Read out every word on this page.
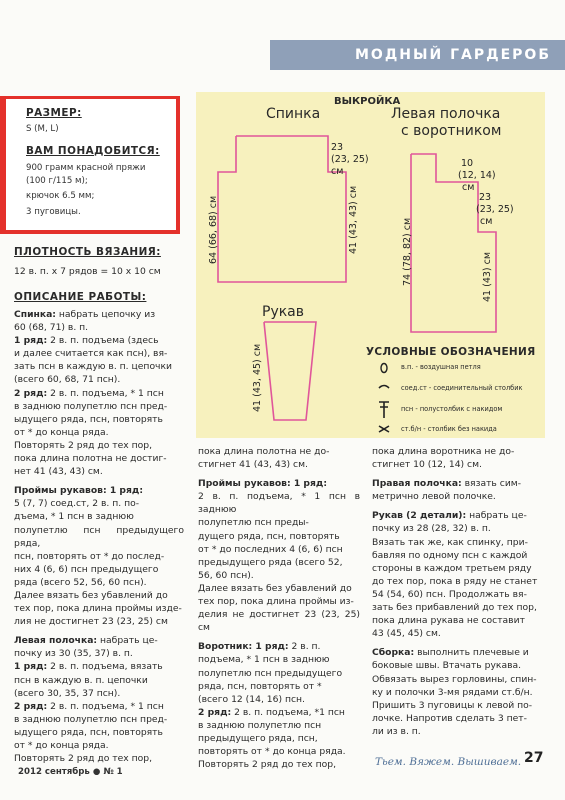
МОДНЫЙ ГАРДЕРОБ
РАЗМЕР:
S (M, L)
ВАМ ПОНАДОБИТСЯ:
900 грамм красной пряжи
(100 г/115 м);
крючок 6.5 мм;
3 пуговицы.
ПЛОТНОСТЬ ВЯЗАНИЯ:
12 в. п. х 7 рядов = 10 х 10 см
ОПИСАНИЕ РАБОТЫ:
Спинка: набрать цепочку из
60 (68, 71) в. п.
1 ряд: 2 в. п. подъема (здесь
и далее считается как псн), вя-
зать псн в каждую в. п. цепочки
(всего 60, 68, 71 псн).
2 ряд: 2 в. п. подъема, * 1 псн
в заднюю полупетлю псн пред-
ыдущего ряда, псн, повторять
от * до конца ряда.
Повторять 2 ряд до тех пор,
пока длина полотна не достиг-
нет 41 (43, 43) см.
Проймы рукавов: 1 ряд:
5 (7, 7) соед.ст, 2 в. п. по-
дъема, * 1 псн в заднюю
полупетлю псн предыдущего ряда,
псн, повторять от * до послед-
них 4 (6, 6) псн предыдущего
ряда (всего 52, 56, 60 псн).
Далее вязать без убавлений до
тех пор, пока длина проймы изде-
лия не достигнет 23 (23, 25) см
Левая полочка: набрать це-
почку из 30 (35, 37) в. п.
1 ряд: 2 в. п. подъема, вязать
псн в каждую в. п. цепочки
(всего 30, 35, 37 псн).
2 ряд: 2 в. п. подъема, * 1 псн
в заднюю полупетлю псн пред-
ыдущего ряда, псн, повторять
от * до конца ряда.
Повторять 2 ряд до тех пор,
ВЫКРОЙКА
Спинка	Левая полочка
с воротником
Рукав
64 (66, 68) см
23
(23, 25)
см
41 (43, 43) см	74 (78, 82) см
10
(12, 14)
см
23
(23, 25)
см
41 (43) см
41 (43, 45) см	УСЛОВНЫЕ ОБОЗНАЧЕНИЯ
в.п. - воздушная петля
соед.ст - соединительный столбик
псн - полустолбик с накидом
ст.б/н - столбик без накида
пока длина полотна не до-
стигнет 41 (43, 43) см.
Проймы рукавов: 1 ряд:
2 в. п. подъема, * 1 псн в заднюю
полупетлю псн преды-
дущего ряда, псн, повторять
от * до последних 4 (6, 6) псн
предыдущего ряда (всего 52,
56, 60 псн).
Далее вязать без убавлений до
тех пор, пока длина проймы из-
делия не достигнет 23 (23, 25) см
Воротник: 1 ряд: 2 в. п.
подъема, * 1 псн в заднюю
полупетлю псн предыдущего
ряда, псн, повторять от *
(всего 12 (14, 16) псн.
2 ряд: 2 в. п. подъема, *1 псн
в заднюю полупетлю псн
предыдущего ряда, псн,
повторять от * до конца ряда.
Повторять 2 ряд до тех пор,
пока длина воротника не до-
стигнет 10 (12, 14) см.
Правая полочка: вязать сим-
метрично левой полочке.
Рукав (2 детали): набрать це-
почку из 28 (28, 32) в. п.
Вязать так же, как спинку, при-
бавляя по одному псн с каждой
стороны в каждом третьем ряду
до тех пор, пока в ряду не станет
54 (54, 60) псн. Продолжать вя-
зать без прибавлений до тех пор,
пока длина рукава не составит
43 (45, 45) см.
Сборка: выполнить плечевые и
боковые швы. Втачать рукава.
Обвязать вырез горловины, спин-
ку и полочки 3-мя рядами ст.б/н.
Пришить 3 пуговицы к левой по-
лочке. Напротив сделать 3 пет-
ли из в. п.
2012 сентябрь ● № 1
Тьем. Вяжем. Вышиваем. 27
